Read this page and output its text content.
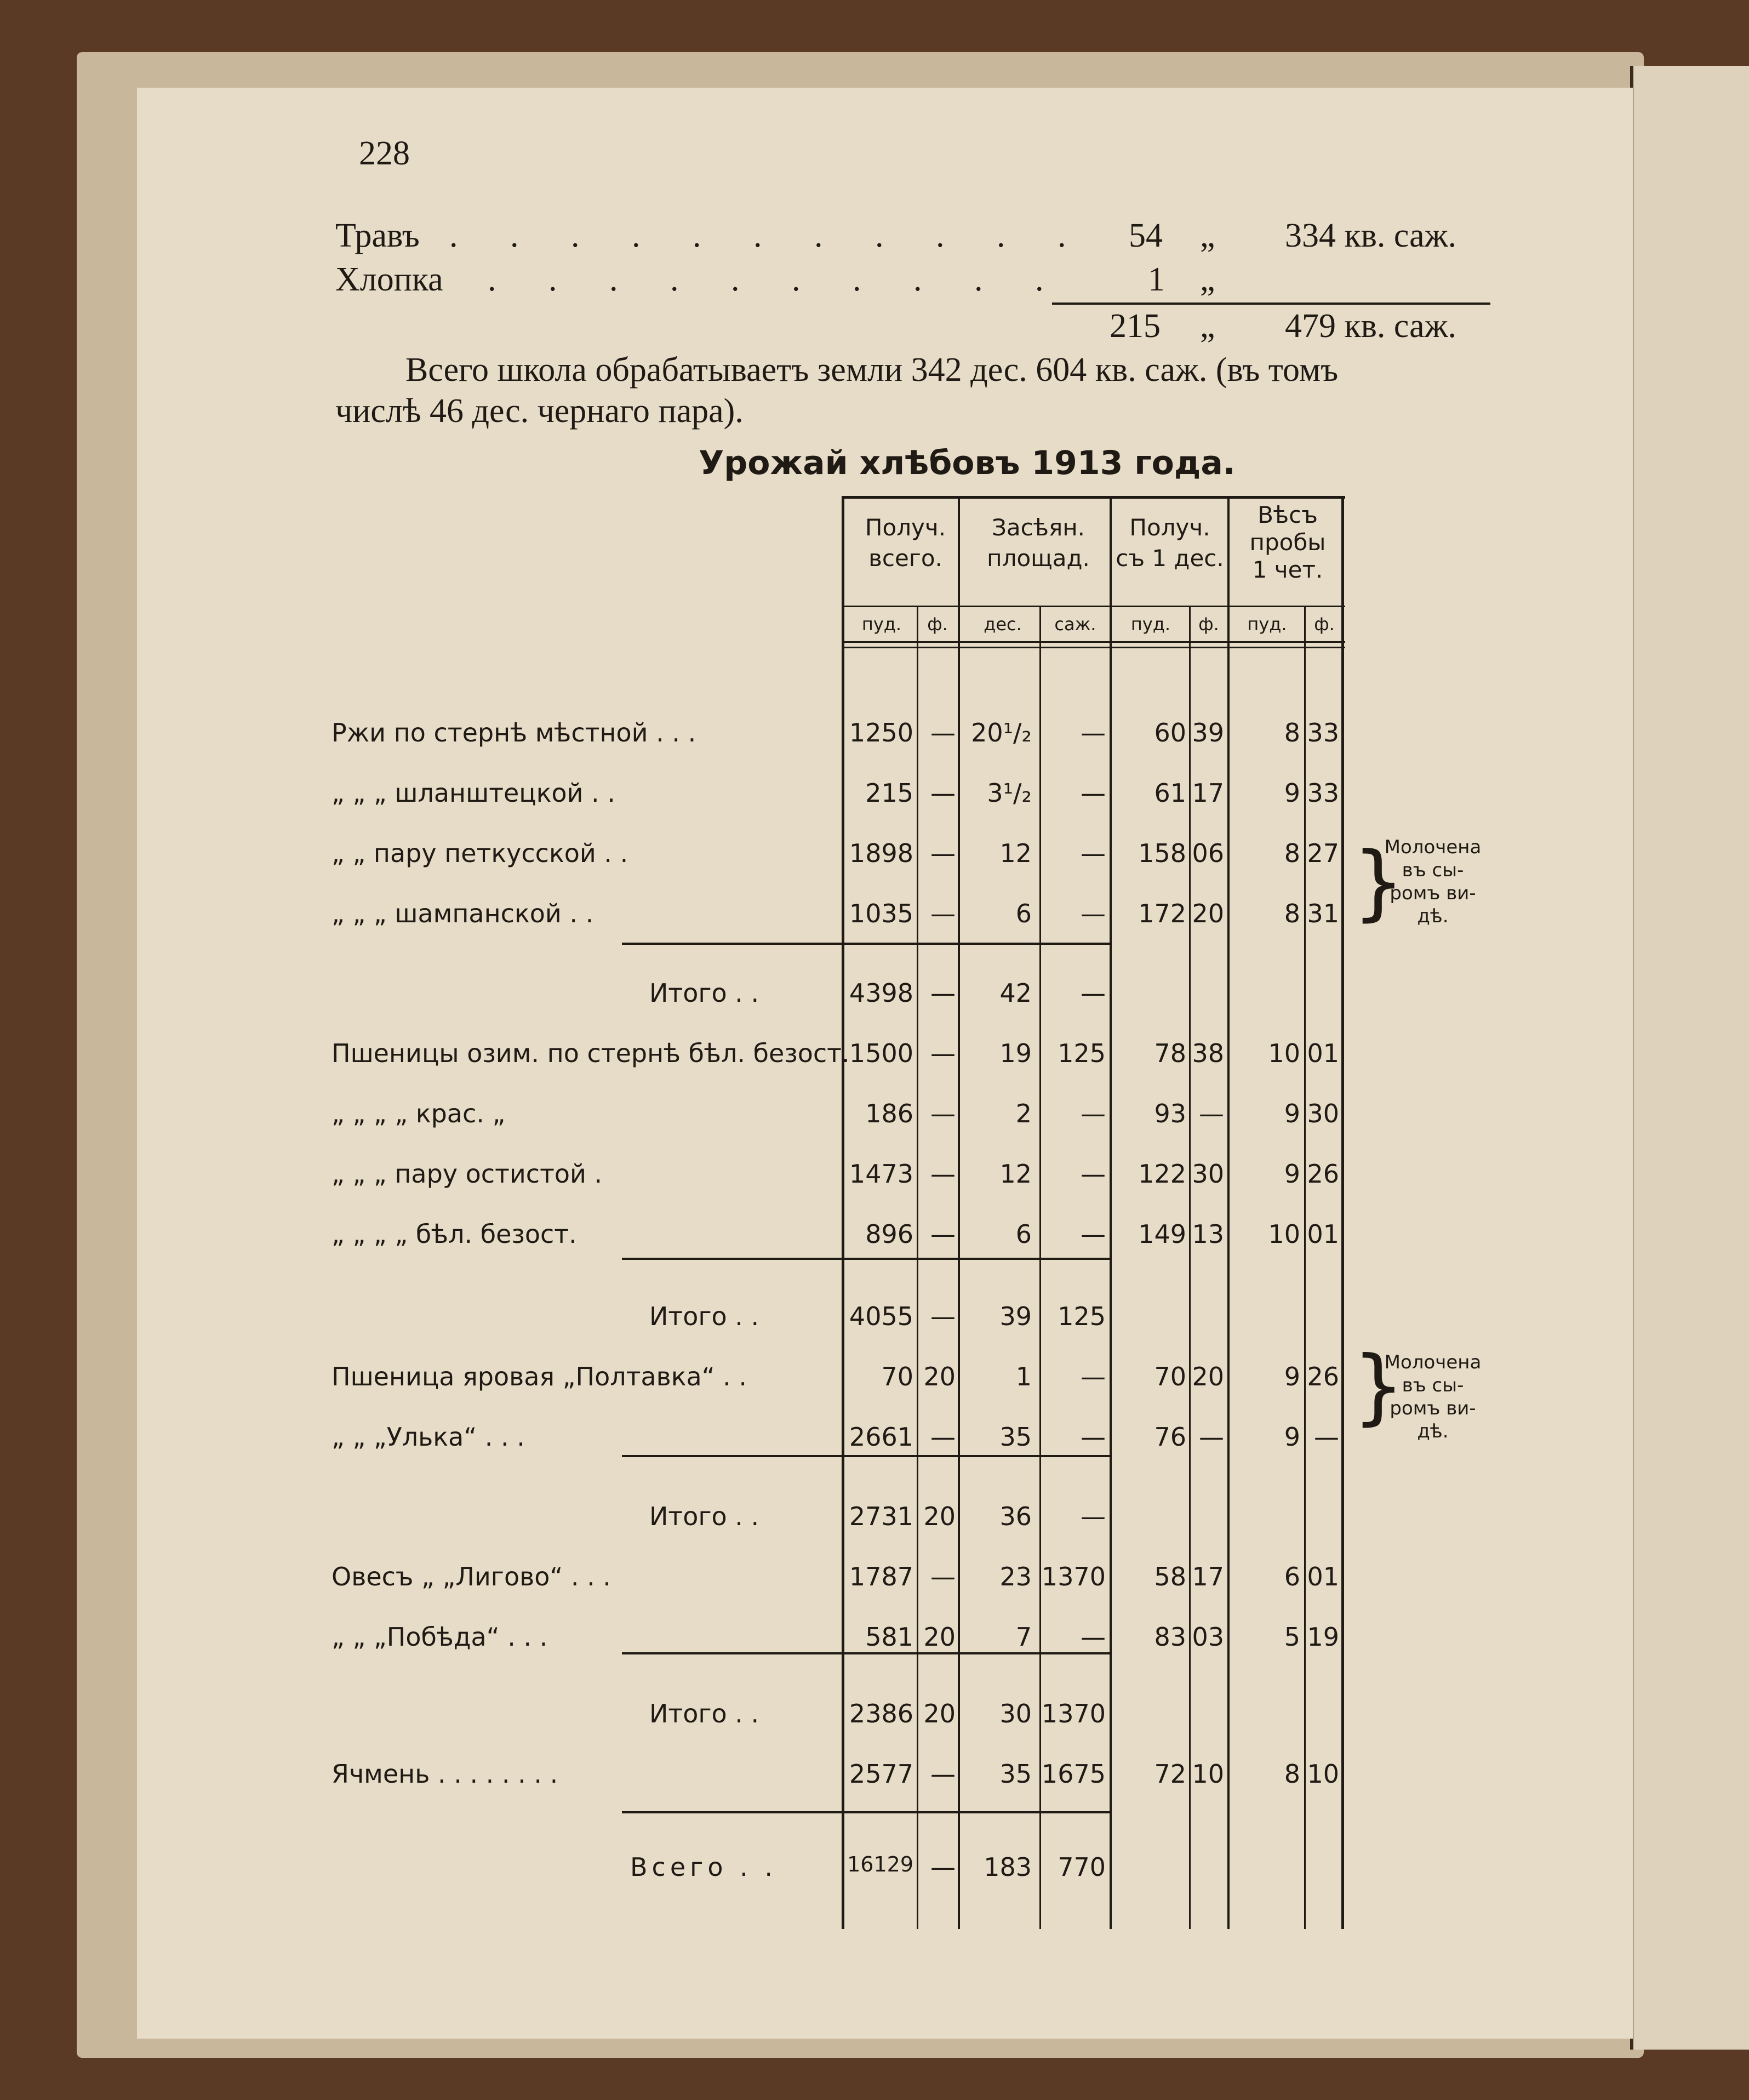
228
Травъ . . . . . . . . . . . 54 „ 334 кв. саж.
Хлопка . . . . . . . . . . 1 „
215 „ 479 кв. саж.
Всего школа обрабатываетъ земли 342 дес. 604 кв. саж. (въ томъ
числѣ 46 дес. чернаго пара).
Урожай хлѣбовъ 1913 года.
Получ.
всего.
Засѣян.
площад.
Получ.
съ 1 дес.
Вѣсъ
пробы
1 чет.
пуд.	ф.	дес.	саж.	пуд.	ф.	пуд.	ф.
Ржи по стернѣ мѣстной . . .	1250 — 20¹/₂	—	60 39	8 33
„ „ „ шланштецкой . .	215 —	3¹/₂	—	61 17	9 33
„ „ пару петкусской . .	1898 —	12	—	158 06	8 27
„ „ „ шампанской . .	1035 —	6	—	172 20	8 31
Итого . .	4398 —	42	—
Пшеницы озим. по стернѣ бѣл. безост. 1500 —	19	125	78 38	10 01
„ „ „ „ крас. „	186 —	2	—	93 —	9 30
„ „ „ пару остистой .	1473 —	12	—	122 30	9 26
„ „ „ „ бѣл. безост.	896 —	6	—	149 13	10 01
Итого . .	4055 —	39	125
Пшеница яровая „Полтавка“ . .	70 20	1	—	70 20	9 26
„ „ „Улька“ . . .	2661 —	35	—	76 —	9 —
Итого . .	2731 20	36	—
Овесъ „ „Лигово“ . . .	1787 —	23 1370	58 17	6 01
„ „ „Побѣда“ . . .	581 20	7	—	83 03	5 19
Итого . .	2386 20	30 1370
Ячмень . . . . . . . .	2577 —	35 1675	72 10	8 10
Всего . .	16129 —	183	770
Молочена
въ сы-
ромъ ви-
дѣ.
}
Молочена
въ сы-
ромъ ви-
дѣ.
}
